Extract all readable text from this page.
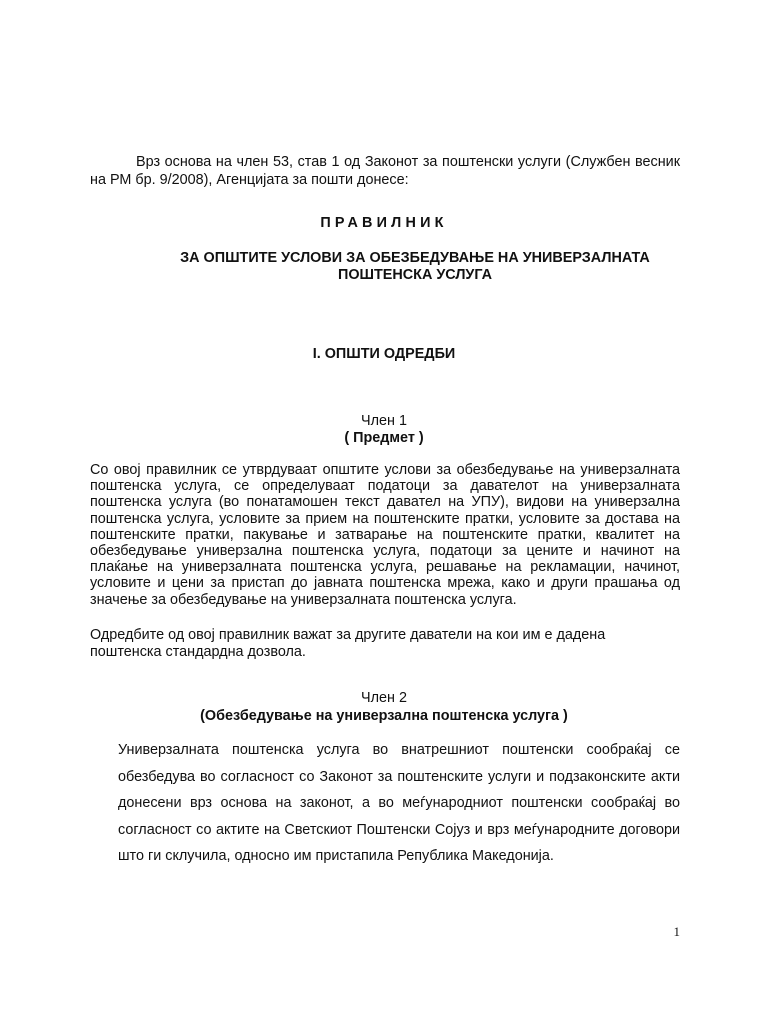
Врз основа на член 53, став 1 од Законот за поштенски услуги (Службен весник на РМ бр. 9/2008), Агенцијата за пошти донесе:
ПРАВИЛНИК
ЗА ОПШТИТЕ УСЛОВИ ЗА ОБЕЗБЕДУВАЊЕ НА УНИВЕРЗАЛНАТА
ПОШТЕНСКА УСЛУГА
I. ОПШТИ ОДРЕДБИ
Член 1
( Предмет )
Со овој правилник се утврдуваат општите услови за обезбедување на универзалната поштенска услуга, се определуваат податоци за давателот на универзалната поштенска услуга (во понатамошен текст давател на УПУ), видови на универзална поштенска услуга, условите за прием на поштенските пратки, условите за достава на поштенските пратки, пакување и затварање на поштенските пратки, квалитет на обезбедување универзална поштенска услуга, податоци за цените и начинот на плаќање на универзалната поштенска услуга, решавање на рекламации, начинот, условите и цени за пристап до јавната поштенска мрежа, како и други прашања од значење за обезбедување на универзалната поштенска услуга.
Одредбите од овој правилник важат за другите даватели на кои им е дадена поштенска стандардна дозвола.
Член 2
(Обезбедување на универзална поштенска услуга )
Универзалната поштенска услуга во внатрешниот поштенски сообраќај се обезбедува во согласност со Законот за поштенските услуги и подзаконските акти донесени врз основа на законот, а во меѓународниот поштенски сообраќај во согласност со актите на Светскиот Поштенски Сојуз и врз меѓународните договори што ги склучила, односно им пристапила Република Македонија.
1
